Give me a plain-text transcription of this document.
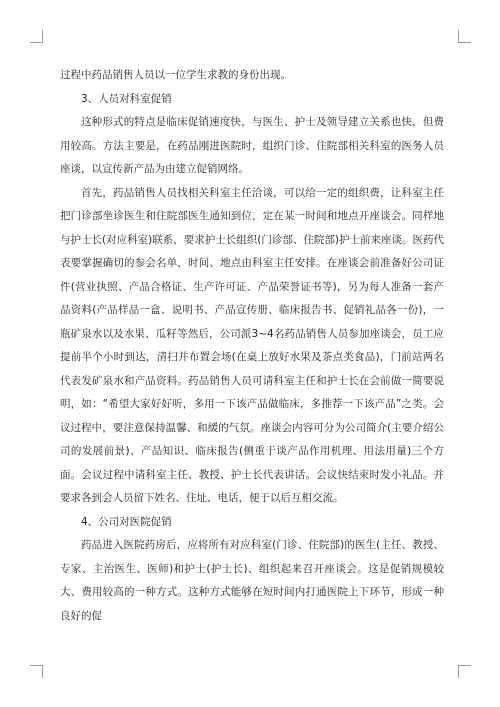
过程中药品销售人员以一位学生求教的身份出现。

3、人员对科室促销

这种形式的特点是临床促销速度快，与医生、护士及领导建立关系也快，但费用较高。方法主要是，在药品刚进医院时，组织门诊、住院部相关科室的医务人员座谈，以宣传新产品为由建立促销网络。

首先，药品销售人员找相关科室主任洽谈，可以给一定的组织费，让科室主任把门诊部坐诊医生和住院部医生通知到位，定在某一时间和地点开座谈会。同样地与护士长(对应科室)联系，要求护士长组织(门诊部、住院部)护士前来座谈。医药代表要掌握确切的参会名单，时间、地点由科室主任安排。在座谈会前准备好公司证件(营业执照、产品合格证、生产许可证、产品荣誉证书等)，另为每人准备一套产品资料(产品样品一盒、说明书、产品宣传册、临床报告书、促销礼品各一份)，一瓶矿泉水以及水果、瓜籽等然后，公司派3~4名药品销售人员参加座谈会，员工应提前半个小时到达，清扫并布置会场(在桌上放好水果及茶点类食品)，门前站两名代表发矿泉水和产品资料。药品销售人员可请科室主任和护士长在会前做一简要说明，如：“希望大家好好听，多用一下该产品做临床，多推荐一下该产品”之类。会议过程中，要注意保持温馨、和緩的气氛。座谈会内容可分为公司简介(主要介绍公司的发展前景)、产品知识、临床报告(侧重于谈产品作用机理、用法用量)三个方面。会议过程中请科室主任、教授、护士长代表讲话。会议快结束时发小礼品。并要求各到会人员留下姓名、住址、电话，便于以后互相交流。

4、公司对医院促销

药品进入医院药房后，应将所有对应科室(门诊、住院部)的医生(主任、教授、专家、主治医生、医师)和护士(护士长)、组织起来召开座谈会。这是促销规模较大、费用较高的一种方式。这种方式能够在短时间内打通医院上下环节，形成一种良好的促
